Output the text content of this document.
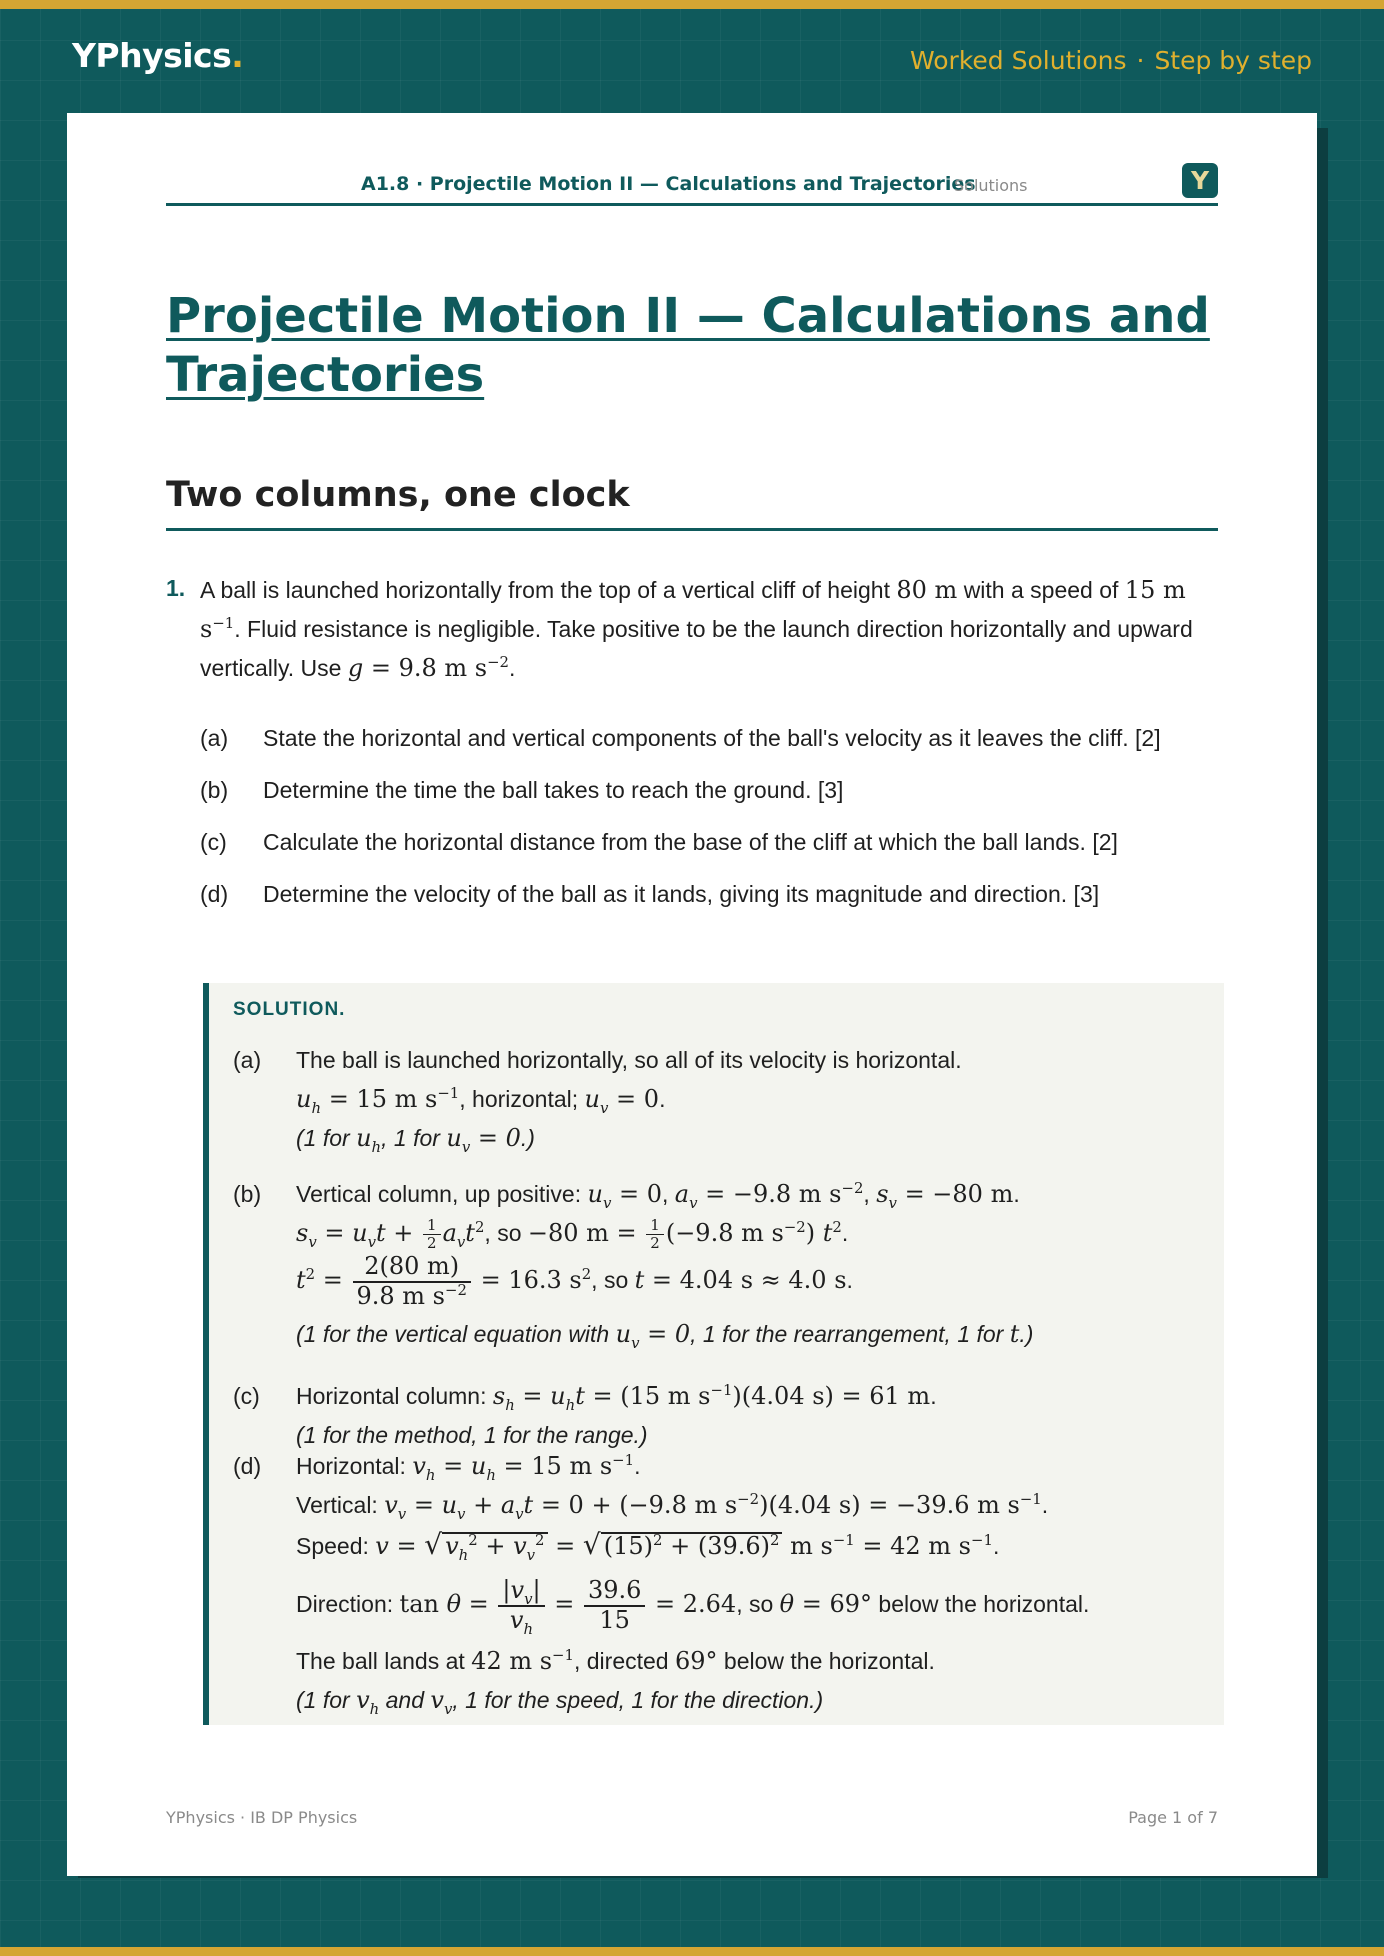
YPhysics.	Worked Solutions · Step by step
A1.8 · Projectile Motion II — Calculations and Trajectories
Solutions	Y
Projectile Motion II — Calculations and Trajectories
Two columns, one clock
1. A ball is launched horizontally from the top of a vertical cliff of height 80 m with a speed of 15 m $s^{-1}$. Fluid resistance is negligible. Take positive to be the launch direction horizontally and upward vertically. Use g = 9.8 m $s^{-2}$.
(a) State the horizontal and vertical components of the ball's velocity as it leaves the cliff. [2]
(b) Determine the time the ball takes to reach the ground. [3]
(c) Calculate the horizontal distance from the base of the cliff at which the ball lands. [2]
(d) Determine the velocity of the ball as it lands, giving its magnitude and direction. [3]
SOLUTION.
(a) The ball is launched horizontally, so all of its velocity is horizontal.
$u_h = 15$ m $s^{-1}$, horizontal; $u_v = 0$.
(1 for $u_h$, 1 for $u_v = 0$.)
(b) Vertical column, up positive: $u_v = 0$, $a_v = -9.8$ m $s^{-2}$, $s_v = -80$ m.
$s_v = u_vt + \frac{1}{2} a_vt^2$, so −80 $m = \frac{1}{2} (-9.8$ m $s^{-2}$) $t^2$.
$t^2 = \frac{2(80 m)}{9.8 m s^{-2}} = 16.3$ $s^2$, so t = 4.04 s ≈ 4.0 s.
(1 for the vertical equation with $u_v = 0$, 1 for the rearrangement, 1 for t.)
(c) Horizontal column: $s_h = u_ht = (15$ m $s^{-1})(4.04$ s) = 61 m.
(1 for the method, 1 for the range.)
(d) Horizontal: $v_h = u_h = 15$ m $s^{-1}$.
Vertical: $v_v = u_v + a_vt = 0 + (-9.8$ m $s^{-2})(4.04$ s) = −39.6 m $s^{-1}$.
Speed: v = √ $v_h^2 + v_v^2$ = √ $(15)^2 + (39.6)^2$ m $s^{-1} = 42$ m $s^{-1}$.
Direction: $\tan \theta = \frac{|v_v|}{v_h} = \frac{39.6}{15} = 2.64$, so θ = 69° below the horizontal.
The ball lands at 42 m $s^{-1}$, directed 69° below the horizontal.
(1 for $v_h$ and $v_v$, 1 for the speed, 1 for the direction.)
YPhysics · IB DP Physics	Page 1 of 7
